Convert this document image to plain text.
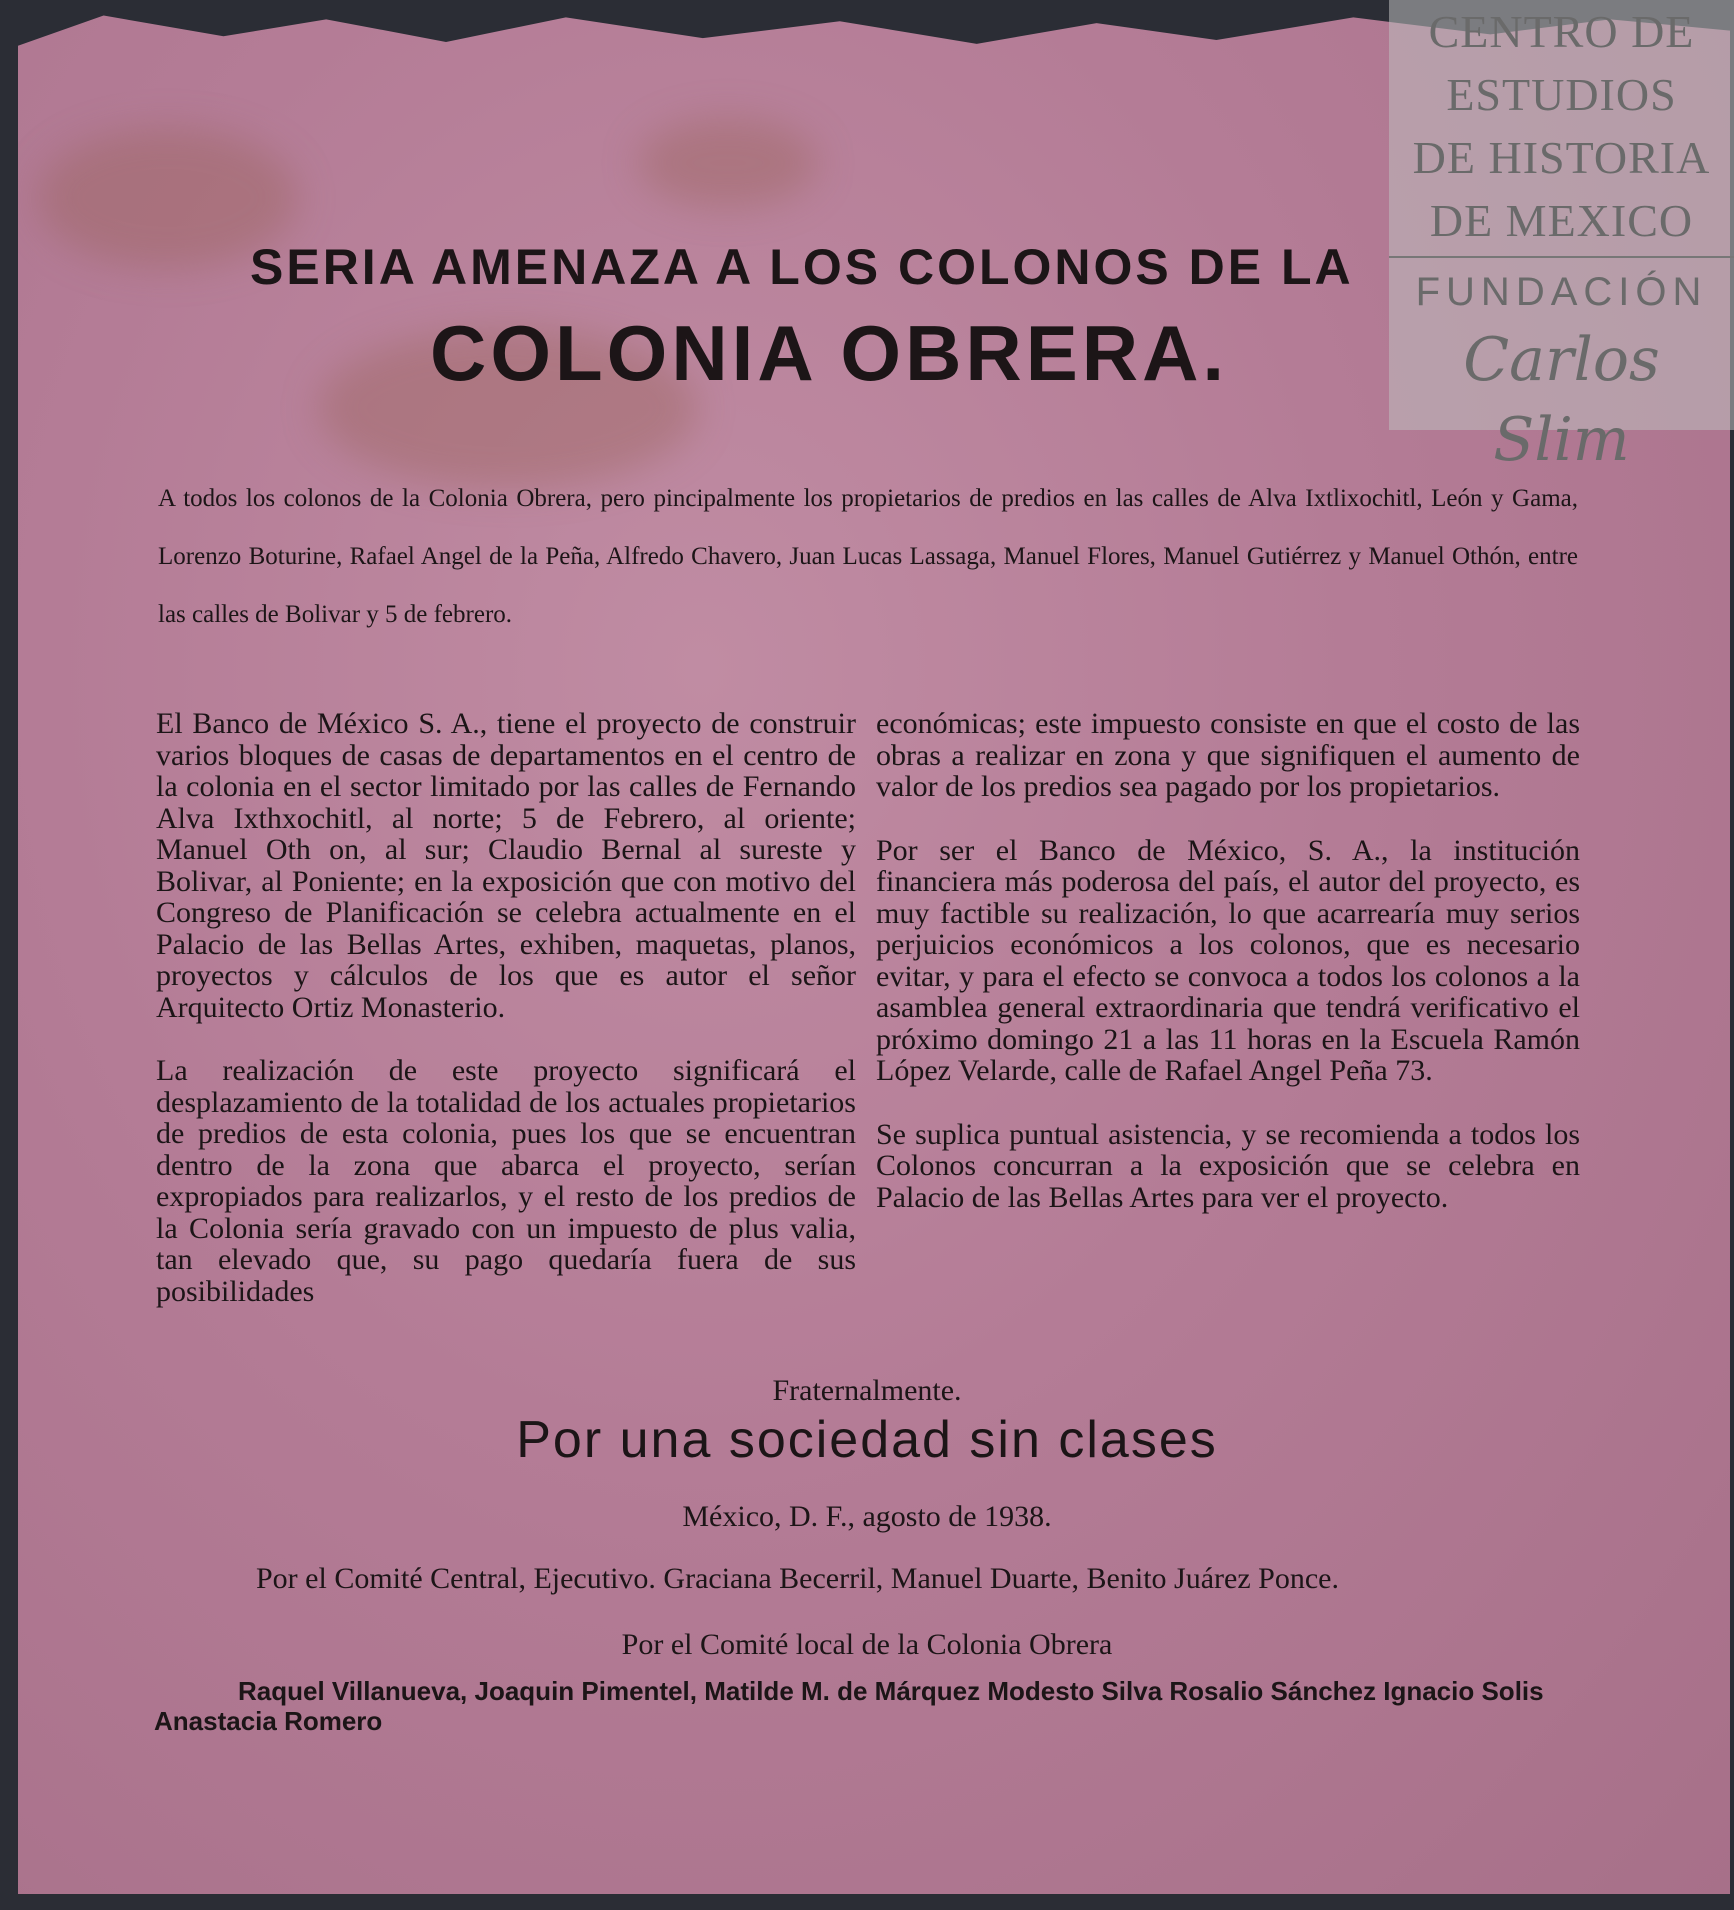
CENTRO DE
ESTUDIOS
DE HISTORIA
DE MEXICO
FUNDACIÓN
Carlos Slim
SERIA AMENAZA A LOS COLONOS DE LA
COLONIA OBRERA.
A todos los colonos de la Colonia Obrera, pero pincipalmente los propietarios de predios en las calles de Alva Ixtlixochitl, León y Gama, Lorenzo Boturine, Rafael Angel de la Peña, Alfredo Chavero, Juan Lucas Lassaga, Manuel Flores, Manuel Gutiérrez y Manuel Othón, entre las calles de Bolivar y 5 de febrero.

El Banco de México S. A., tiene el proyecto de construir varios bloques de casas de departamentos en el centro de la colonia en el sector limitado por las calles de Fernando Alva Ixthxochitl, al norte; 5 de Febrero, al oriente; Manuel Oth on, al sur; Claudio Bernal al sureste y Bolivar, al Poniente; en la exposición que con motivo del Congreso de Planificación se celebra actualmente en el Palacio de las Bellas Artes, exhiben, maquetas, planos, proyectos y cálculos de los que es autor el señor Arquitecto Ortiz Monasterio.

La realización de este proyecto significará el desplazamiento de la totalidad de los actuales propietarios de predios de esta colonia, pues los que se encuentran dentro de la zona que abarca el proyecto, serían expropiados para realizarlos, y el resto de los predios de la Colonia sería gravado con un impuesto de plus valia, tan elevado que, su pago quedaría fuera de sus posibilidades

económicas; este impuesto consiste en que el costo de las obras a realizar en zona y que signifiquen el aumento de valor de los predios sea pagado por los propietarios.

Por ser el Banco de México, S. A., la institución financiera más poderosa del país, el autor del proyecto, es muy factible su realización, lo que acarrearía muy serios perjuicios económicos a los colonos, que es necesario evitar, y para el efecto se convoca a todos los colonos a la asamblea general extraordinaria que tendrá verificativo el próximo domingo 21 a las 11 horas en la Escuela Ramón López Velarde, calle de Rafael Angel Peña 73.

Se suplica puntual asistencia, y se recomienda a todos los Colonos concurran a la exposición que se celebra en Palacio de las Bellas Artes para ver el proyecto.

Fraternalmente.
Por una sociedad sin clases
México, D. F., agosto de 1938.
Por el Comité Central, Ejecutivo. Graciana Becerril, Manuel Duarte, Benito Juárez Ponce.
Por el Comité local de la Colonia Obrera
Raquel Villanueva, Joaquin Pimentel, Matilde M. de Márquez Modesto Silva Rosalio Sánchez Ignacio Solis
Anastacia Romero
